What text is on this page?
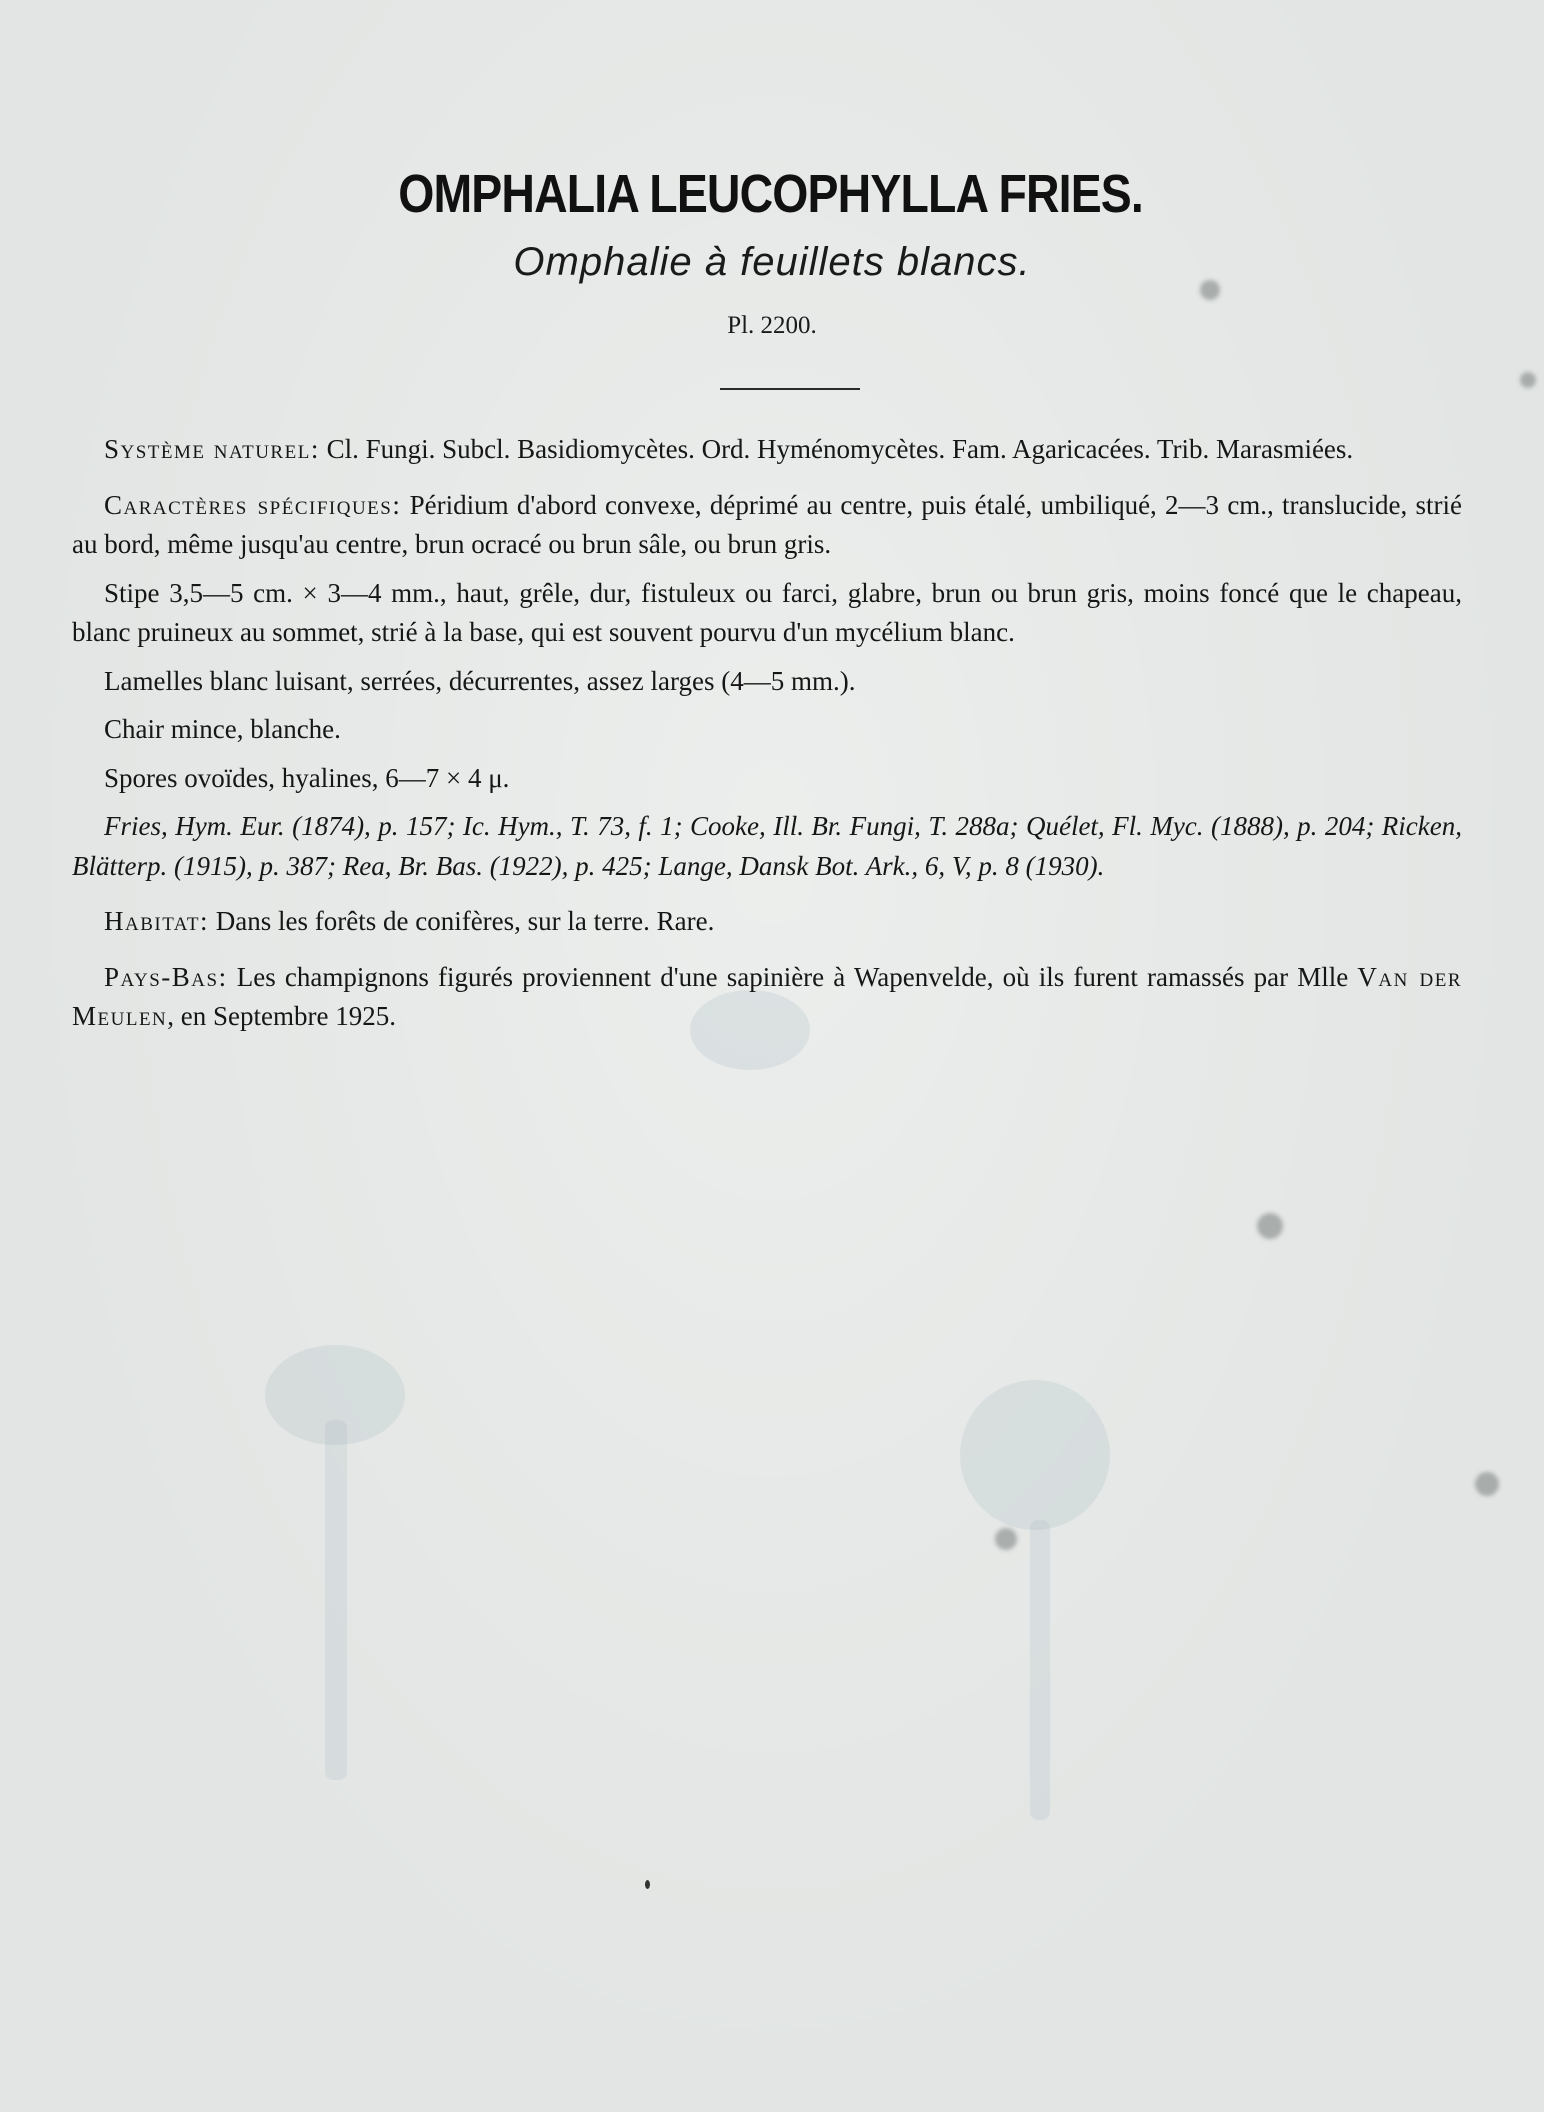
OMPHALIA LEUCOPHYLLA FRIES.
Omphalie à feuillets blancs.
Pl. 2200.

Système naturel: Cl. Fungi. Subcl. Basidiomycètes. Ord. Hyménomycètes. Fam. Agaricacées. Trib. Marasmiées.

Caractères spécifiques: Péridium d'abord convexe, déprimé au centre, puis étalé, umbiliqué, 2—3 cm., translucide, strié au bord, même jusqu'au centre, brun ocracé ou brun sâle, ou brun gris.

Stipe 3,5—5 cm. × 3—4 mm., haut, grêle, dur, fistuleux ou farci, glabre, brun ou brun gris, moins foncé que le chapeau, blanc pruineux au sommet, strié à la base, qui est souvent pourvu d'un mycélium blanc.

Lamelles blanc luisant, serrées, décurrentes, assez larges (4—5 mm.).

Chair mince, blanche.

Spores ovoïdes, hyalines, 6—7 × 4 μ.

Fries, Hym. Eur. (1874), p. 157; Ic. Hym., T. 73, f. 1; Cooke, Ill. Br. Fungi, T. 288a; Quélet, Fl. Myc. (1888), p. 204; Ricken, Blätterp. (1915), p. 387; Rea, Br. Bas. (1922), p. 425; Lange, Dansk Bot. Ark., 6, V, p. 8 (1930).

Habitat: Dans les forêts de conifères, sur la terre. Rare.

Pays-Bas: Les champignons figurés proviennent d'une sapinière à Wapenvelde, où ils furent ramassés par Mlle Van der Meulen, en Septembre 1925.
